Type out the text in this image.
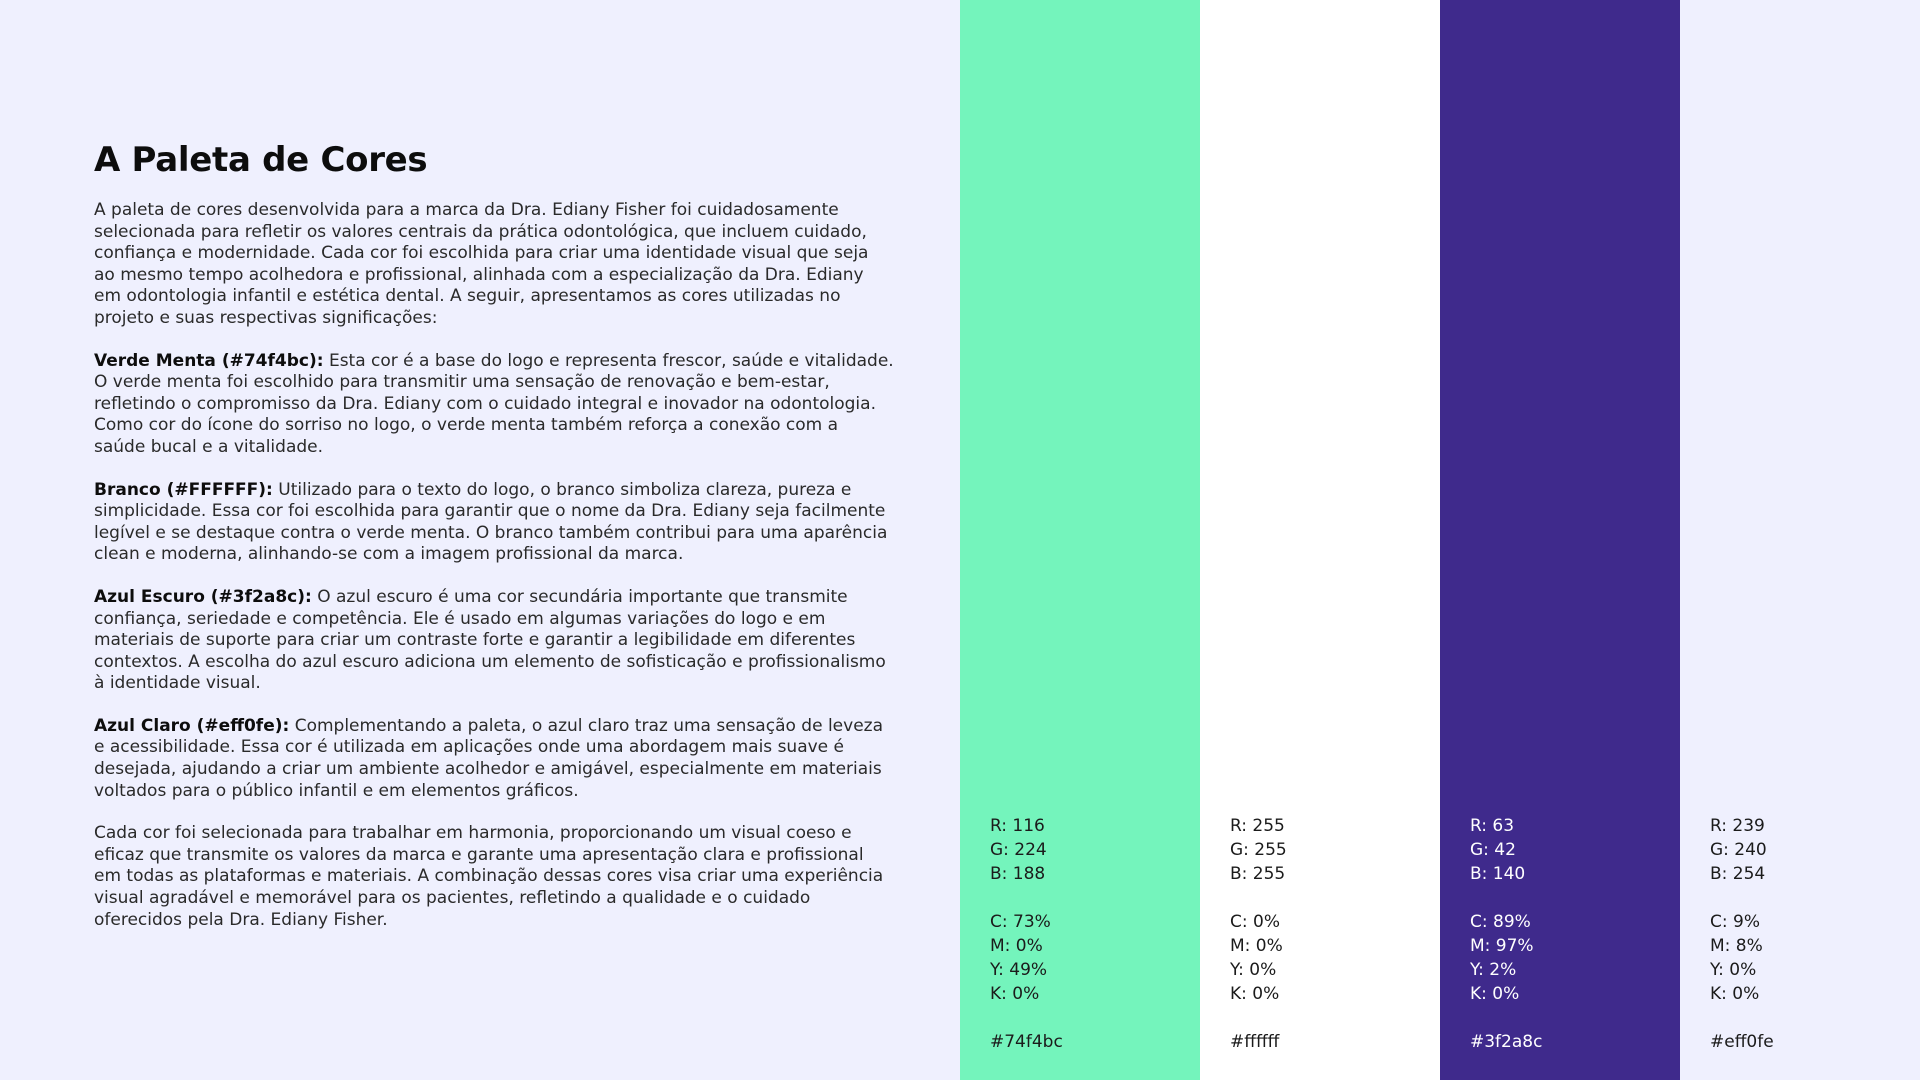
A Paleta de Cores

A paleta de cores desenvolvida para a marca da Dra. Ediany Fisher foi cuidadosamente selecionada para refletir os valores centrais da prática odontológica, que incluem cuidado, confiança e modernidade. Cada cor foi escolhida para criar uma identidade visual que seja ao mesmo tempo acolhedora e profissional, alinhada com a especialização da Dra. Ediany em odontologia infantil e estética dental. A seguir, apresentamos as cores utilizadas no projeto e suas respectivas significações:

Verde Menta (#74f4bc): Esta cor é a base do logo e representa frescor, saúde e vitalidade. O verde menta foi escolhido para transmitir uma sensação de renovação e bem-estar, refletindo o compromisso da Dra. Ediany com o cuidado integral e inovador na odontologia. Como cor do ícone do sorriso no logo, o verde menta também reforça a conexão com a saúde bucal e a vitalidade.

Branco (#FFFFFF): Utilizado para o texto do logo, o branco simboliza clareza, pureza e simplicidade. Essa cor foi escolhida para garantir que o nome da Dra. Ediany seja facilmente legível e se destaque contra o verde menta. O branco também contribui para uma aparência clean e moderna, alinhando-se com a imagem profissional da marca.

Azul Escuro (#3f2a8c): O azul escuro é uma cor secundária importante que transmite confiança, seriedade e competência. Ele é usado em algumas variações do logo e em materiais de suporte para criar um contraste forte e garantir a legibilidade em diferentes contextos. A escolha do azul escuro adiciona um elemento de sofisticação e profissionalismo à identidade visual.

Azul Claro (#eff0fe): Complementando a paleta, o azul claro traz uma sensação de leveza e acessibilidade. Essa cor é utilizada em aplicações onde uma abordagem mais suave é desejada, ajudando a criar um ambiente acolhedor e amigável, especialmente em materiais voltados para o público infantil e em elementos gráficos.

Cada cor foi selecionada para trabalhar em harmonia, proporcionando um visual coeso e eficaz que transmite os valores da marca e garante uma apresentação clara e profissional em todas as plataformas e materiais. A combinação dessas cores visa criar uma experiência visual agradável e memorável para os pacientes, refletindo a qualidade e o cuidado oferecidos pela Dra. Ediany Fisher.

R: 116
G: 224
B: 188
C: 73%
M: 0%
Y: 49%
K: 0%
#74f4bc
R: 255
G: 255
B: 255
C: 0%
M: 0%
Y: 0%
K: 0%
#ffffff
R: 63
G: 42
B: 140
C: 89%
M: 97%
Y: 2%
K: 0%
#3f2a8c
R: 239
G: 240
B: 254
C: 9%
M: 8%
Y: 0%
K: 0%
#eff0fe
